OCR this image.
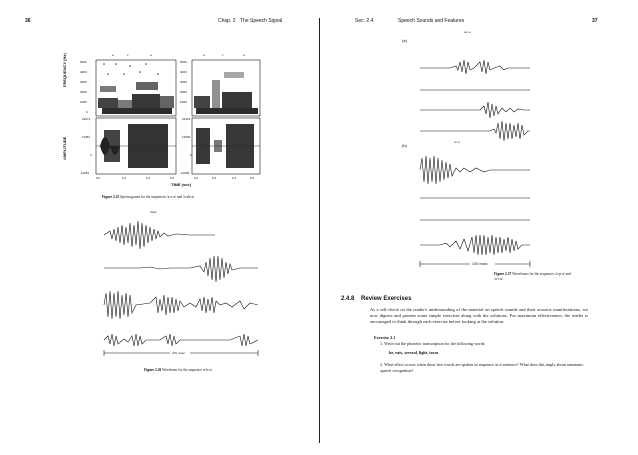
36	Chap. 2 The Speech Signal
FREQUENCY (Hz)
AMPLITUDE
5000
4000
3000
2000
1000
0
5000
4000
3000
2000
1000
22071
11081
0
-11081
24119
12060
0
-12060
a	v	a	a	z	a
0.0	0.2	0.4	0.6	0.0	0.2	0.4	0.6
TIME (sec)
Figure 2.25 Spectrograms for the sequences /a-v-a/ and /a-zh-a/.
/ava/
100 msec
Figure 2.26 Waveform for the sequence /a-h-a/.
Sec. 2.4	Speech Sounds and Features	37
(a)
a p a
(b)
a t a
100 msec
Figure 2.27 Waveforms for the sequences /a-p-a/ and /a-t-a/.
2.4.8 Review Exercises
As a self-check on the reader's understanding of the material on speech sounds and their acoustic manifestations, we now digress and present some simple exercises along with the solutions. For maximum effectiveness, the reader is encouraged to think through each exercise before looking at the solution.
Exercise 2.1
1. Write out the phonetic transcription for the following words:
he, eats, several, light, tacos
2. What effect occurs when these five words are spoken in sequence as a sentence? What does this imply about automatic speech recognition?
